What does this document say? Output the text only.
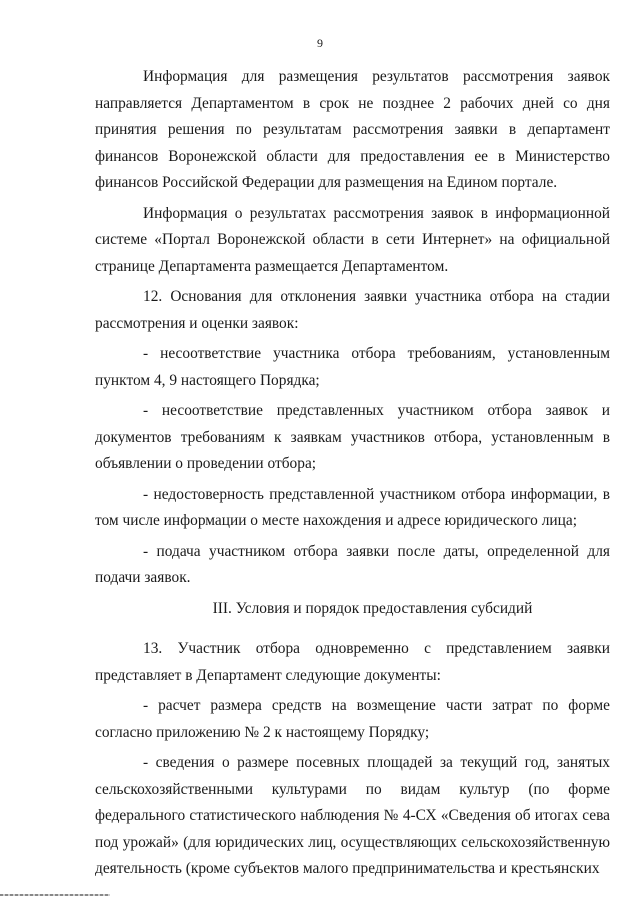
9

Информация для размещения результатов рассмотрения заявок направляется Департаментом в срок не позднее 2 рабочих дней со дня принятия решения по результатам рассмотрения заявки в департамент финансов Воронежской области для предоставления ее в Министерство финансов Российской Федерации для размещения на Едином портале.

Информация о результатах рассмотрения заявок в информационной системе «Портал Воронежской области в сети Интернет» на официальной странице Департамента размещается Департаментом.

12. Основания для отклонения заявки участника отбора на стадии рассмотрения и оценки заявок:

- несоответствие участника отбора требованиям, установленным пунктом 4, 9 настоящего Порядка;

- несоответствие представленных участником отбора заявок и документов требованиям к заявкам участников отбора, установленным в объявлении о проведении отбора;

- недостоверность представленной участником отбора информации, в том числе информации о месте нахождения и адресе юридического лица;

- подача участником отбора заявки после даты, определенной для подачи заявок.

III. Условия и порядок предоставления субсидий

13. Участник отбора одновременно с представлением заявки представляет в Департамент следующие документы:

- расчет размера средств на возмещение части затрат по форме согласно приложению № 2 к настоящему Порядку;

- сведения о размере посевных площадей за текущий год, занятых сельскохозяйственными культурами по видам культур (по форме федерального статистического наблюдения № 4-СХ «Сведения об итогах сева под урожай» (для юридических лиц, осуществляющих сельскохозяйственную деятельность (кроме субъектов малого предпринимательства и крестьянских
